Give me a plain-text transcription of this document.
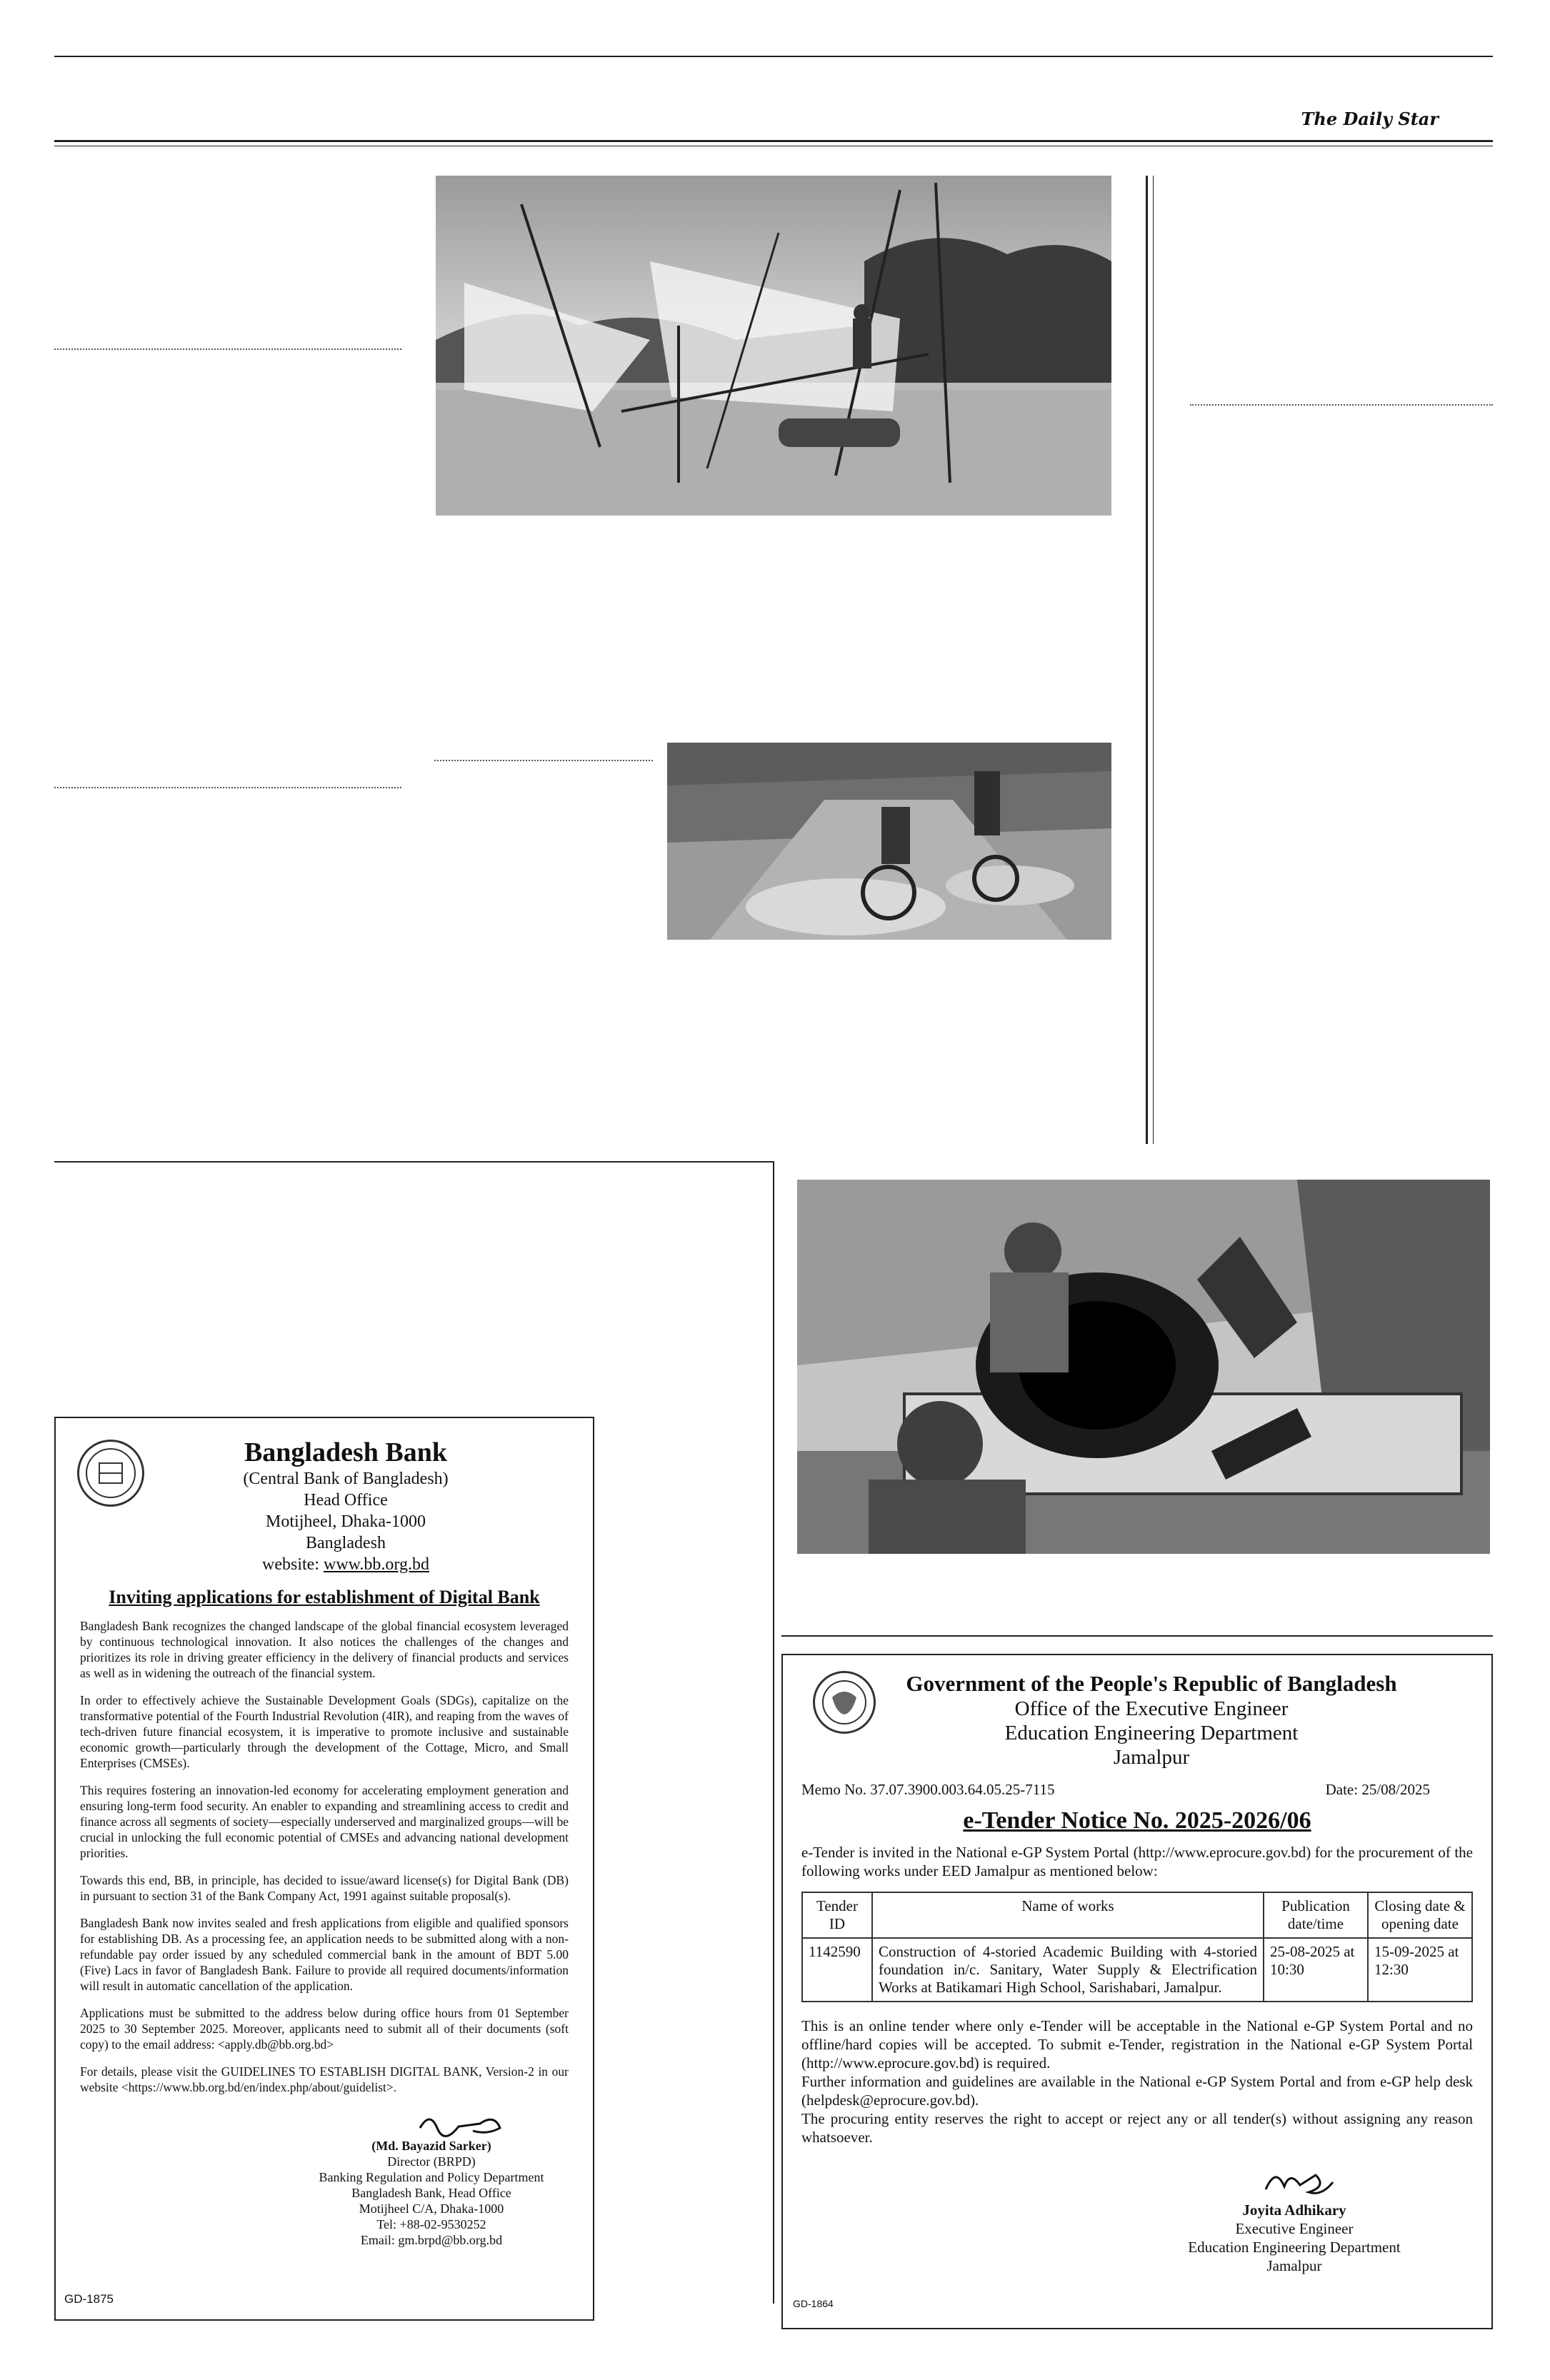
The Daily Star
Bangladesh Bank
(Central Bank of Bangladesh)
Head Office
Motijheel, Dhaka-1000
Bangladesh
website: www.bb.org.bd
Inviting applications for establishment of Digital Bank

Bangladesh Bank recognizes the changed landscape of the global financial ecosystem leveraged by continuous technological innovation. It also notices the challenges of the changes and prioritizes its role in driving greater efficiency in the delivery of financial products and services as well as in widening the outreach of the financial system.

In order to effectively achieve the Sustainable Development Goals (SDGs), capitalize on the transformative potential of the Fourth Industrial Revolution (4IR), and reaping from the waves of tech-driven future financial ecosystem, it is imperative to promote inclusive and sustainable economic growth—particularly through the development of the Cottage, Micro, and Small Enterprises (CMSEs).

This requires fostering an innovation-led economy for accelerating employment generation and ensuring long-term food security. An enabler to expanding and streamlining access to credit and finance across all segments of society—especially underserved and marginalized groups—will be crucial in unlocking the full economic potential of CMSEs and advancing national development priorities.

Towards this end, BB, in principle, has decided to issue/award license(s) for Digital Bank (DB) in pursuant to section 31 of the Bank Company Act, 1991 against suitable proposal(s).

Bangladesh Bank now invites sealed and fresh applications from eligible and qualified sponsors for establishing DB. As a processing fee, an application needs to be submitted along with a non-refundable pay order issued by any scheduled commercial bank in the amount of BDT 5.00 (Five) Lacs in favor of Bangladesh Bank. Failure to provide all required documents/information will result in automatic cancellation of the application.

Applications must be submitted to the address below during office hours from 01 September 2025 to 30 September 2025. Moreover, applicants need to submit all of their documents (soft copy) to the email address: <apply.db@bb.org.bd>

For details, please visit the GUIDELINES TO ESTABLISH DIGITAL BANK, Version-2 in our website <https://www.bb.org.bd/en/index.php/about/guidelist>.

(Md. Bayazid Sarker)
Director (BRPD)
Banking Regulation and Policy Department
Bangladesh Bank, Head Office
Motijheel C/A, Dhaka-1000
Tel: +88-02-9530252
Email: gm.brpd@bb.org.bd
GD-1875
Government of the People's Republic of Bangladesh
Office of the Executive Engineer
Education Engineering Department
Jamalpur
Memo No. 37.07.3900.003.64.05.25-7115	Date: 25/08/2025
e-Tender Notice No. 2025-2026/06

e-Tender is invited in the National e-GP System Portal (http://www.eprocure.gov.bd) for the procurement of the following works under EED Jamalpur as mentioned below:

Tender ID	Name of works	Publication date/time	Closing date & opening date
1142590	Construction of 4-storied Academic Building with 4-storied foundation in/c. Sanitary, Water Supply & Electrification Works at Batikamari High School, Sarishabari, Jamalpur.	25-08-2025 at 10:30	15-09-2025 at 12:30
This is an online tender where only e-Tender will be acceptable in the National e-GP System Portal and no offline/hard copies will be accepted. To submit e-Tender, registration in the National e-GP System Portal (http://www.eprocure.gov.bd) is required.
Further information and guidelines are available in the National e-GP System Portal and from e-GP help desk (helpdesk@eprocure.gov.bd).
The procuring entity reserves the right to accept or reject any or all tender(s) without assigning any reason whatsoever.
Joyita Adhikary
Executive Engineer
Education Engineering Department
Jamalpur
GD-1864
